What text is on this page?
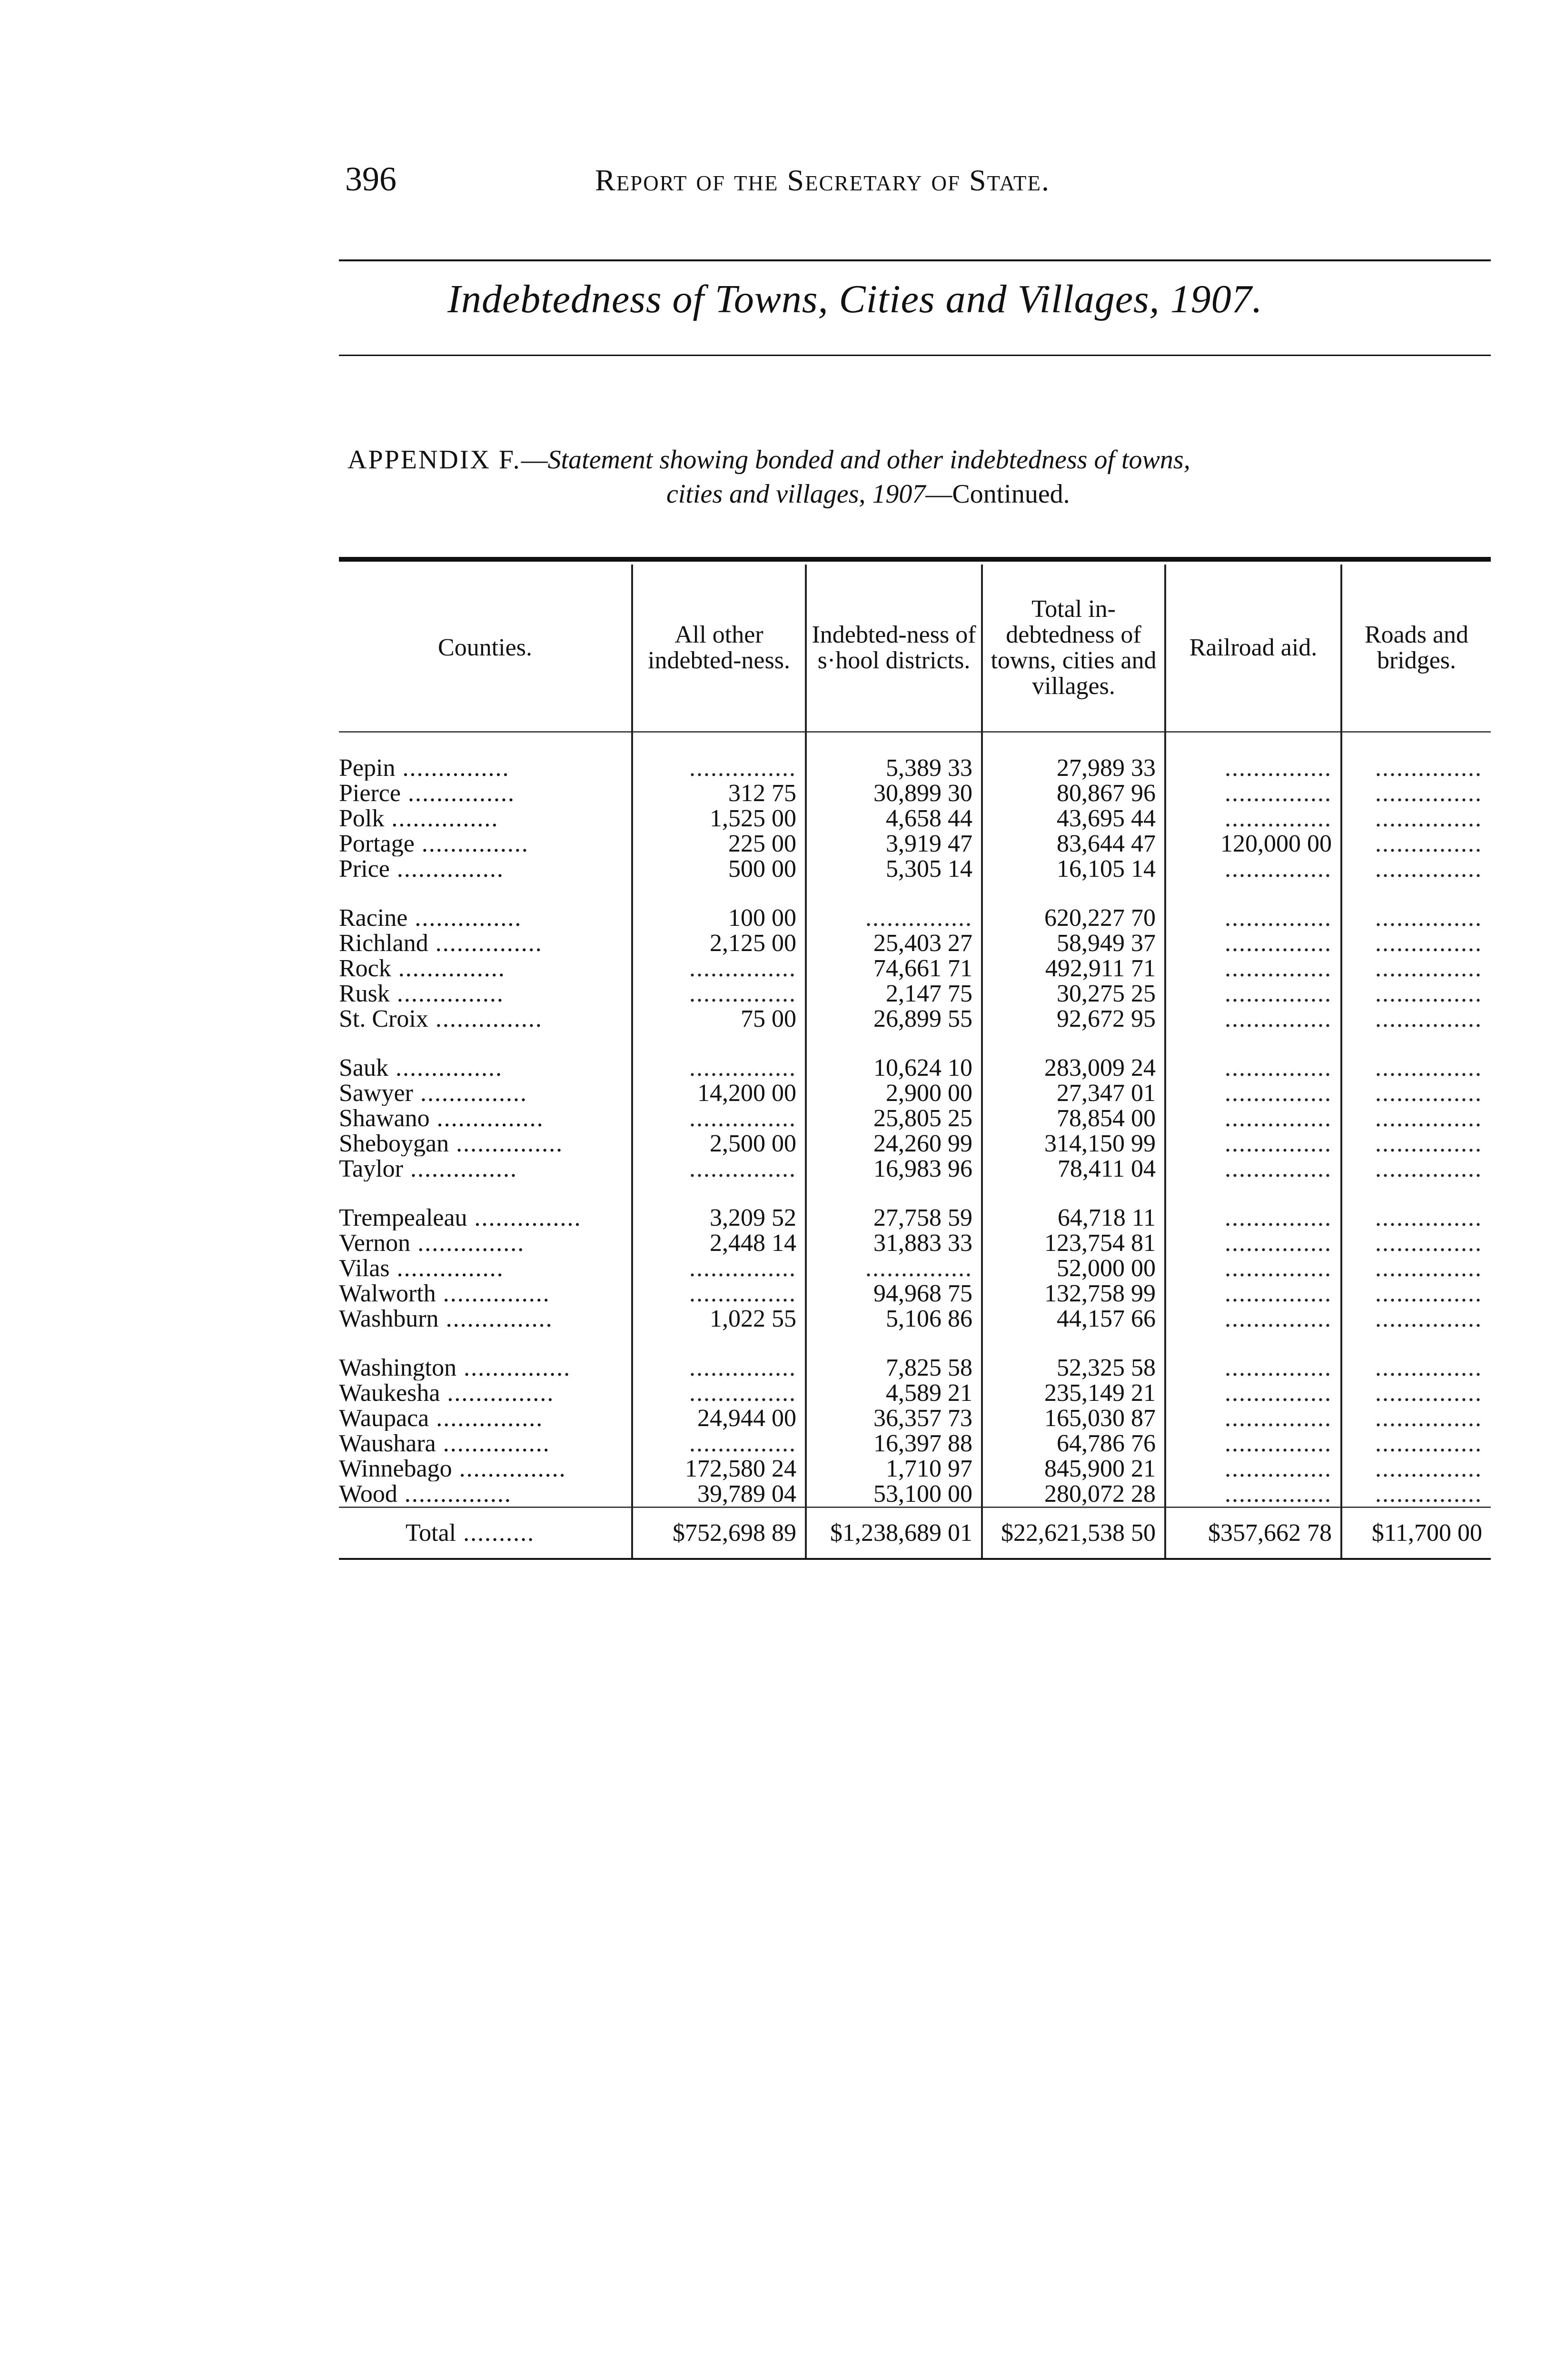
396	Report of the Secretary of State.
Indebtedness of Towns, Cities and Villages, 1907.
APPENDIX F.—Statement showing bonded and other indebtedness of towns,
cities and villages, 1907—Continued.
Counties.	All other indebted-ness.	Indebted-ness of s·hool districts.	Total in-debtedness of towns, cities and villages.	Railroad aid.	Roads and bridges.

Pepin ...............	...............	5,389 33	27,989 33	...............	...............
Pierce ...............	312 75	30,899 30	80,867 96	...............	...............
Polk ...............	1,525 00	4,658 44	43,695 44	...............	...............
Portage ...............	225 00	3,919 47	83,644 47	120,000 00	...............
Price ...............	500 00	5,305 14	16,105 14	...............	...............

Racine ...............	100 00	...............	620,227 70	...............	...............
Richland ...............	2,125 00	25,403 27	58,949 37	...............	...............
Rock ...............	...............	74,661 71	492,911 71	...............	...............
Rusk ...............	...............	2,147 75	30,275 25	...............	...............
St. Croix ...............	75 00	26,899 55	92,672 95	...............	...............

Sauk ...............	...............	10,624 10	283,009 24	...............	...............
Sawyer ...............	14,200 00	2,900 00	27,347 01	...............	...............
Shawano ...............	...............	25,805 25	78,854 00	...............	...............
Sheboygan ...............	2,500 00	24,260 99	314,150 99	...............	...............
Taylor ...............	...............	16,983 96	78,411 04	...............	...............

Trempealeau ...............	3,209 52	27,758 59	64,718 11	...............	...............
Vernon ...............	2,448 14	31,883 33	123,754 81	...............	...............
Vilas ...............	...............	...............	52,000 00	...............	...............
Walworth ...............	...............	94,968 75	132,758 99	...............	...............
Washburn ...............	1,022 55	5,106 86	44,157 66	...............	...............

Washington ...............	...............	7,825 58	52,325 58	...............	...............
Waukesha ...............	...............	4,589 21	235,149 21	...............	...............
Waupaca ...............	24,944 00	36,357 73	165,030 87	...............	...............
Waushara ...............	...............	16,397 88	64,786 76	...............	...............
Winnebago ...............	172,580 24	1,710 97	845,900 21	...............	...............
Wood ...............	39,789 04	53,100 00	280,072 28	...............	...............
Total ..........	$752,698 89	$1,238,689 01	$22,621,538 50	$357,662 78	$11,700 00
